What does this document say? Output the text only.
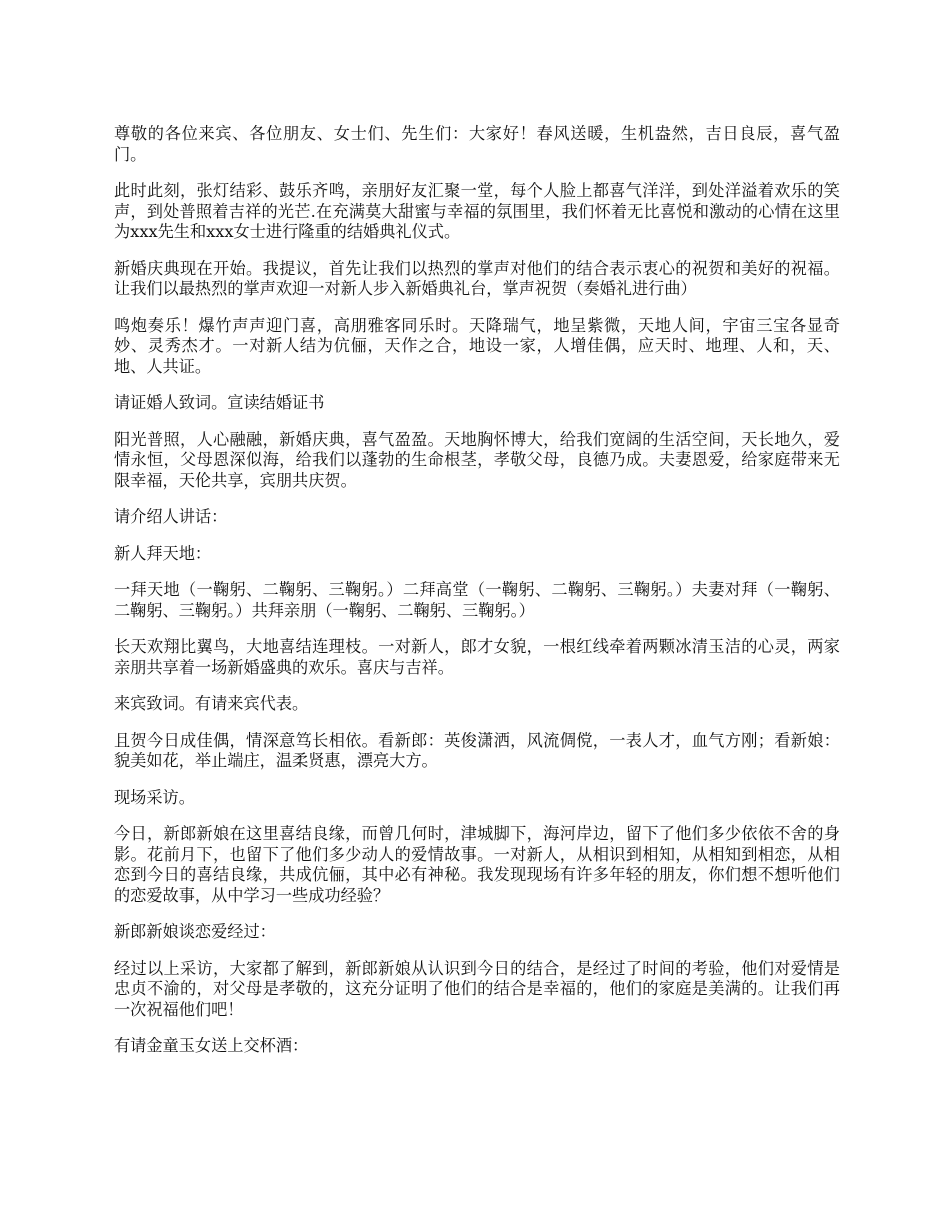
尊敬的各位来宾、各位朋友、女士们、先生们：大家好！春风送暖，生机盎然，吉日良辰，喜气盈门。

此时此刻，张灯结彩、鼓乐齐鸣，亲朋好友汇聚一堂，每个人脸上都喜气洋洋，到处洋溢着欢乐的笑声，到处普照着吉祥的光芒.在充满莫大甜蜜与幸福的氛围里，我们怀着无比喜悦和激动的心情在这里为xxx先生和xxx女士进行隆重的结婚典礼仪式。

新婚庆典现在开始。我提议，首先让我们以热烈的掌声对他们的结合表示衷心的祝贺和美好的祝福。让我们以最热烈的掌声欢迎一对新人步入新婚典礼台，掌声祝贺（奏婚礼进行曲）

鸣炮奏乐！爆竹声声迎门喜，高朋雅客同乐时。天降瑞气，地呈紫微，天地人间，宇宙三宝各显奇妙、灵秀杰才。一对新人结为伉俪，天作之合，地设一家，人增佳偶，应天时、地理、人和，天、地、人共证。

请证婚人致词。宣读结婚证书

阳光普照，人心融融，新婚庆典，喜气盈盈。天地胸怀博大，给我们宽阔的生活空间，天长地久，爱情永恒，父母恩深似海，给我们以蓬勃的生命根茎，孝敬父母，良德乃成。夫妻恩爱，给家庭带来无限幸福，天伦共享，宾朋共庆贺。

请介绍人讲话：

新人拜天地：

一拜天地（一鞠躬、二鞠躬、三鞠躬。）二拜高堂（一鞠躬、二鞠躬、三鞠躬。）夫妻对拜（一鞠躬、二鞠躬、三鞠躬。）共拜亲朋（一鞠躬、二鞠躬、三鞠躬。）

长天欢翔比翼鸟，大地喜结连理枝。一对新人，郎才女貌，一根红线牵着两颗冰清玉洁的心灵，两家亲朋共享着一场新婚盛典的欢乐。喜庆与吉祥。

来宾致词。有请来宾代表。

且贺今日成佳偶，情深意笃长相依。看新郎：英俊潇洒，风流倜傥，一表人才，血气方刚；看新娘：貌美如花，举止端庄，温柔贤惠，漂亮大方。

现场采访。

今日，新郎新娘在这里喜结良缘，而曾几何时，津城脚下，海河岸边，留下了他们多少依依不舍的身影。花前月下，也留下了他们多少动人的爱情故事。一对新人，从相识到相知，从相知到相恋，从相恋到今日的喜结良缘，共成伉俪，其中必有神秘。我发现现场有许多年轻的朋友，你们想不想听他们的恋爱故事，从中学习一些成功经验？

新郎新娘谈恋爱经过：

经过以上采访，大家都了解到，新郎新娘从认识到今日的结合，是经过了时间的考验，他们对爱情是忠贞不渝的，对父母是孝敬的，这充分证明了他们的结合是幸福的，他们的家庭是美满的。让我们再一次祝福他们吧！

有请金童玉女送上交杯酒：
